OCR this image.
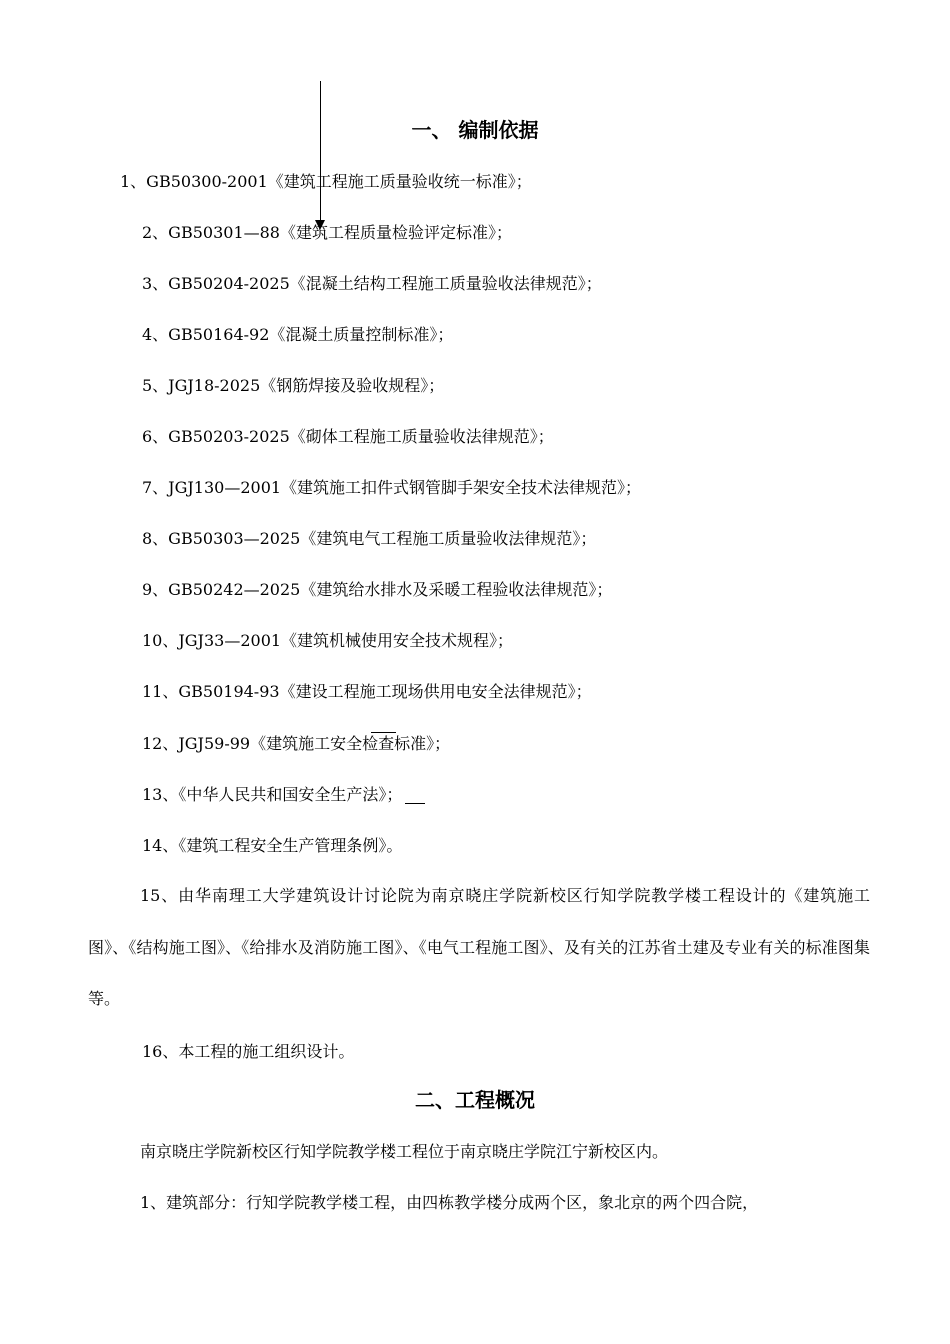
一、 编制依据
1、GB50300-2001《建筑工程施工质量验收统一标准》；
2、GB50301—88《建筑工程质量检验评定标准》；
3、GB50204-2025《混凝土结构工程施工质量验收法律规范》；
4、GB50164-92《混凝土质量控制标准》；
5、JGJ18-2025《钢筋焊接及验收规程》；
6、GB50203-2025《砌体工程施工质量验收法律规范》；
7、JGJ130—2001《建筑施工扣件式钢管脚手架安全技术法律规范》；
8、GB50303—2025《建筑电气工程施工质量验收法律规范》；
9、GB50242—2025《建筑给水排水及采暖工程验收法律规范》；
10、JGJ33—2001《建筑机械使用安全技术规程》；
11、GB50194-93《建设工程施工现场供用电安全法律规范》；
12、JGJ59-99《建筑施工安全检查标准》；
13、《中华人民共和国安全生产法》；
14、《建筑工程安全生产管理条例》。
15、由华南理工大学建筑设计讨论院为南京晓庄学院新校区行知学院教学楼工程设计的《建筑施工图》、《结构施工图》、《给排水及消防施工图》、《电气工程施工图》、及有关的江苏省土建及专业有关的标准图集等。
16、本工程的施工组织设计。
二、工程概况
南京晓庄学院新校区行知学院教学楼工程位于南京晓庄学院江宁新校区内。
1、建筑部分：行知学院教学楼工程，由四栋教学楼分成两个区，象北京的两个四合院，
